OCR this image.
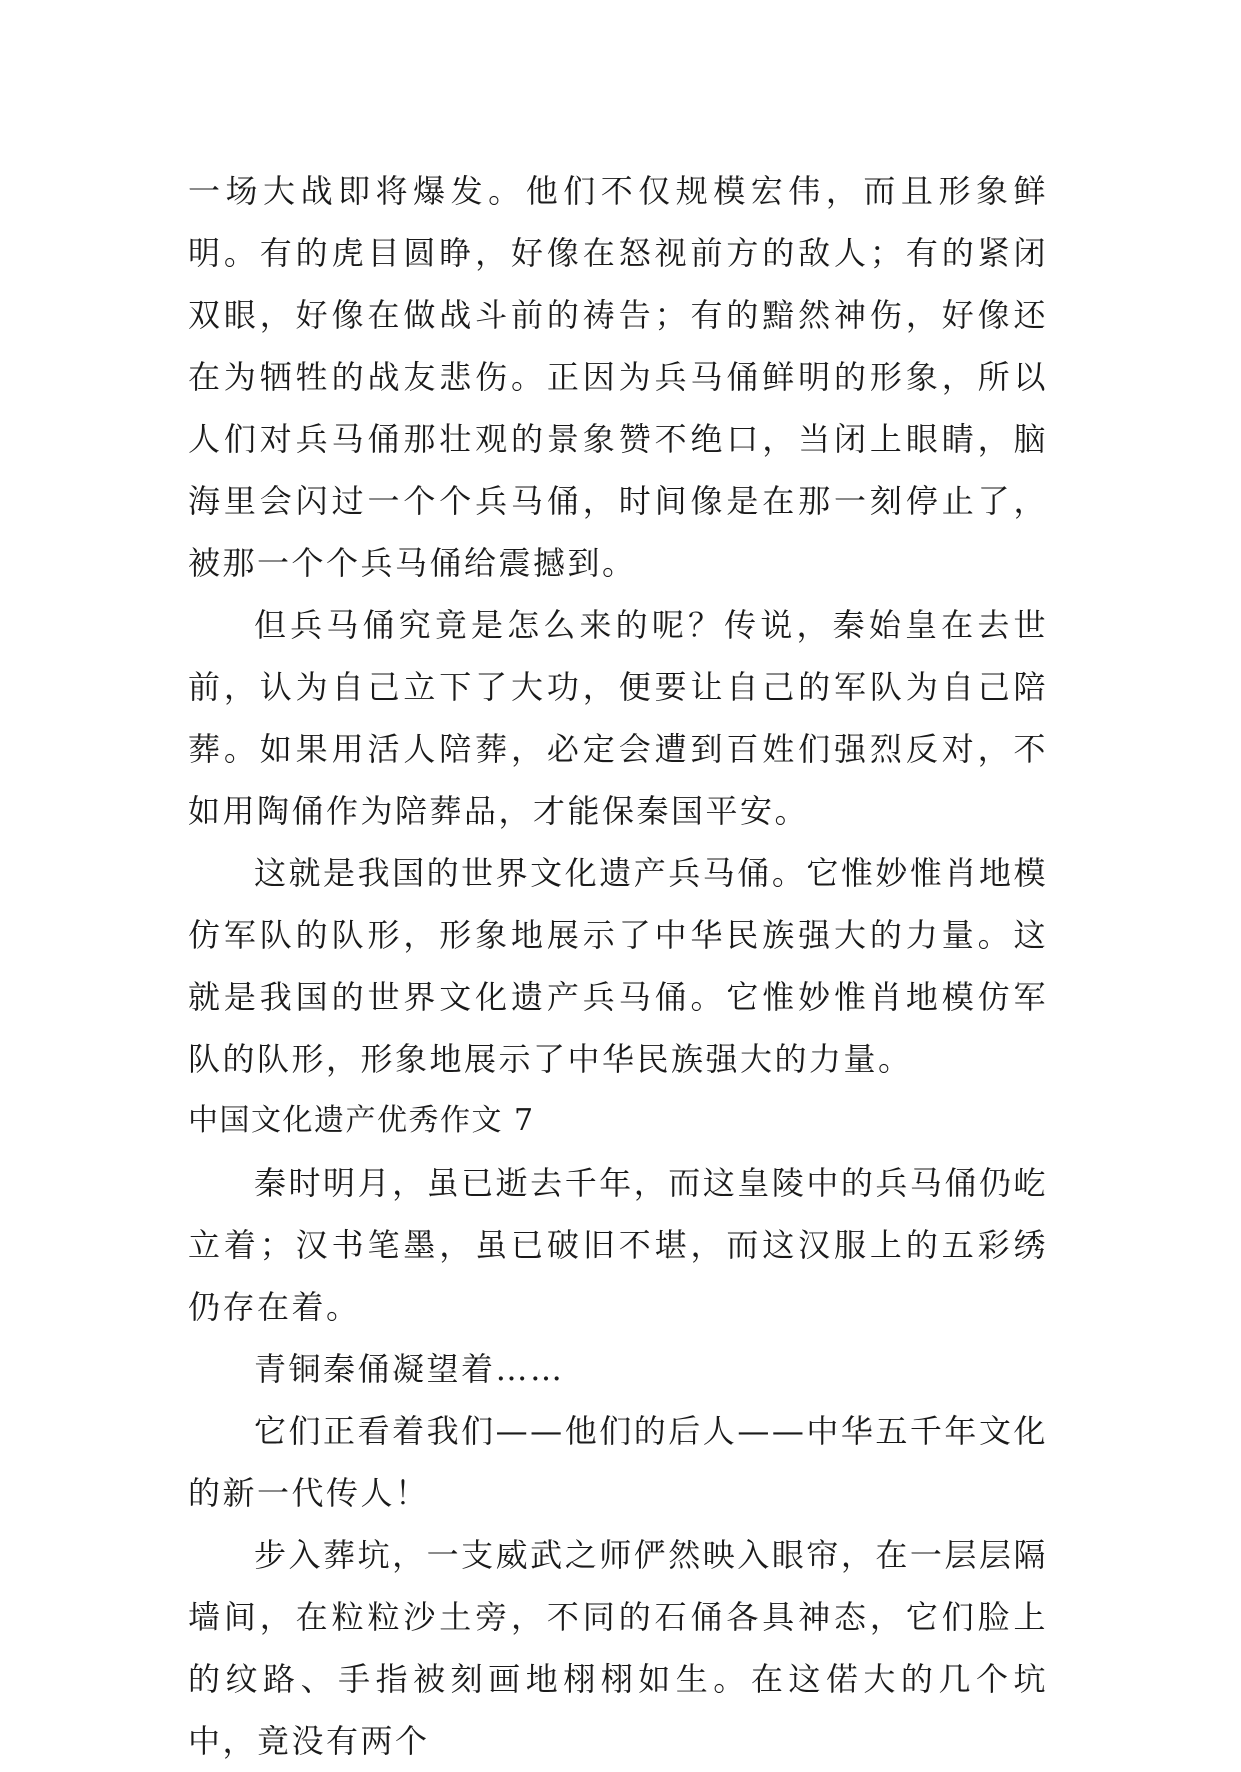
一场大战即将爆发。他们不仅规模宏伟，而且形象鲜明。有的虎目圆睁，好像在怒视前方的敌人；有的紧闭双眼，好像在做战斗前的祷告；有的黯然神伤，好像还在为牺牲的战友悲伤。正因为兵马俑鲜明的形象，所以人们对兵马俑那壮观的景象赞不绝口，当闭上眼睛，脑海里会闪过一个个兵马俑，时间像是在那一刻停止了，被那一个个兵马俑给震撼到。

但兵马俑究竟是怎么来的呢？传说，秦始皇在去世前，认为自己立下了大功，便要让自己的军队为自己陪葬。如果用活人陪葬，必定会遭到百姓们强烈反对，不如用陶俑作为陪葬品，才能保秦国平安。

这就是我国的世界文化遗产兵马俑。它惟妙惟肖地模仿军队的队形，形象地展示了中华民族强大的力量。这就是我国的世界文化遗产兵马俑。它惟妙惟肖地模仿军队的队形，形象地展示了中华民族强大的力量。

中国文化遗产优秀作文 7

秦时明月，虽已逝去千年，而这皇陵中的兵马俑仍屹立着；汉书笔墨，虽已破旧不堪，而这汉服上的五彩绣仍存在着。

青铜秦俑凝望着……

它们正看着我们——他们的后人——中华五千年文化的新一代传人！

步入葬坑，一支威武之师俨然映入眼帘，在一层层隔墙间，在粒粒沙土旁，不同的石俑各具神态，它们脸上的纹路、手指被刻画地栩栩如生。在这偌大的几个坑中，竟没有两个
